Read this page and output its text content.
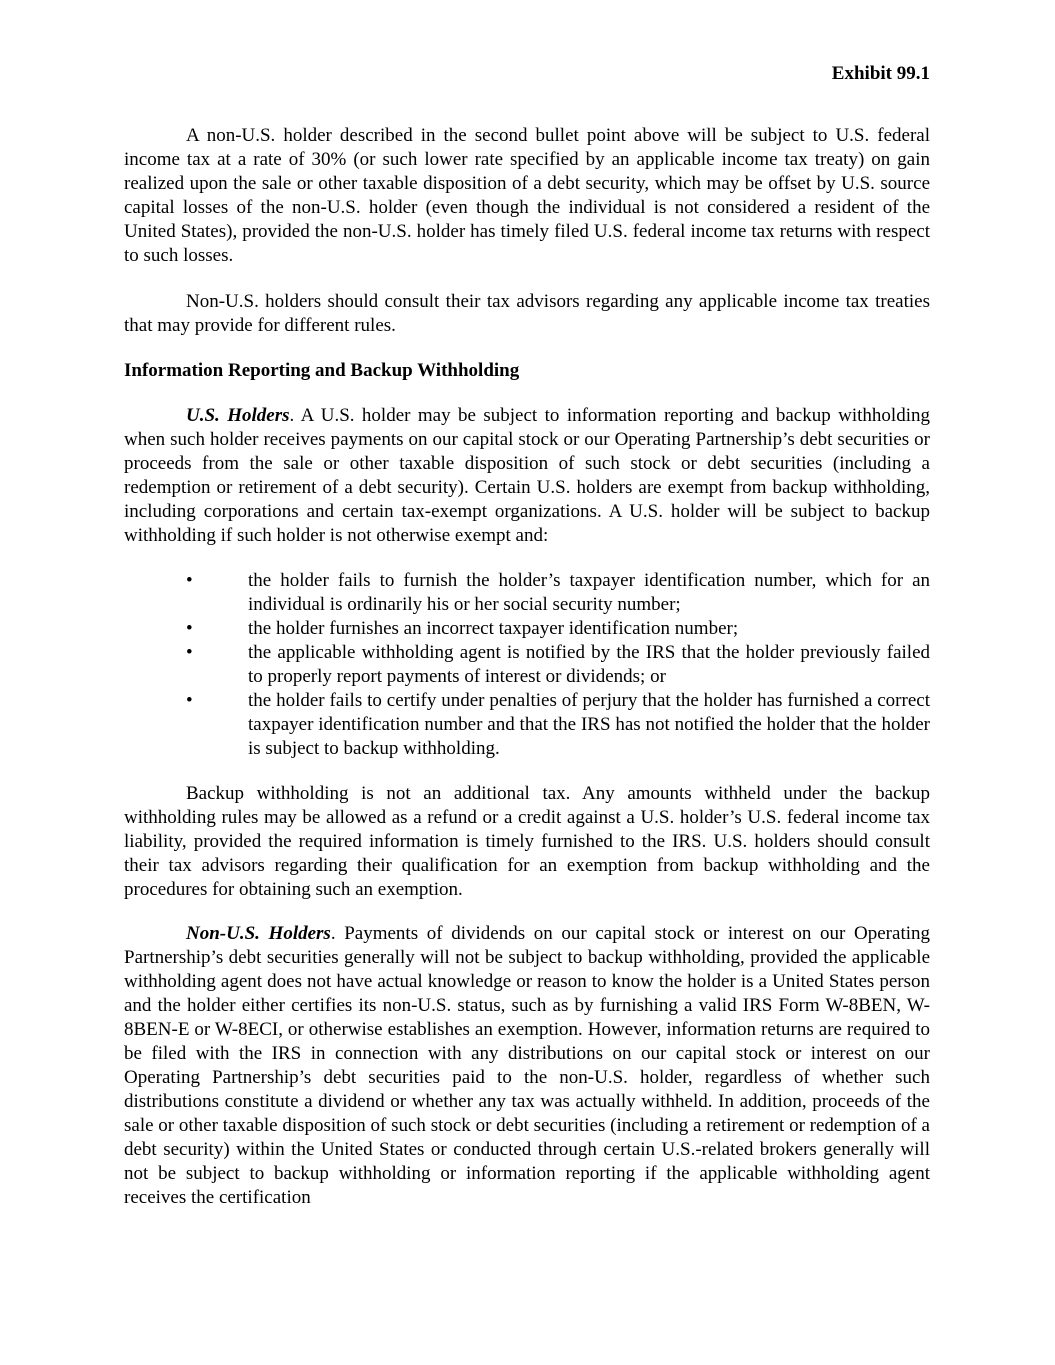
Exhibit 99.1

A non-U.S. holder described in the second bullet point above will be subject to U.S. federal income tax at a rate of 30% (or such lower rate specified by an applicable income tax treaty) on gain realized upon the sale or other taxable disposition of a debt security, which may be offset by U.S. source capital losses of the non-U.S. holder (even though the individual is not considered a resident of the United States), provided the non-U.S. holder has timely filed U.S. federal income tax returns with respect to such losses.

Non-U.S. holders should consult their tax advisors regarding any applicable income tax treaties that may provide for different rules.

Information Reporting and Backup Withholding

U.S. Holders. A U.S. holder may be subject to information reporting and backup withholding when such holder receives payments on our capital stock or our Operating Partnership’s debt securities or proceeds from the sale or other taxable disposition of such stock or debt securities (including a redemption or retirement of a debt security). Certain U.S. holders are exempt from backup withholding, including corporations and certain tax-exempt organizations. A U.S. holder will be subject to backup withholding if such holder is not otherwise exempt and:

•	the holder fails to furnish the holder’s taxpayer identification number, which for an individual is ordinarily his or her social security number;
•	the holder furnishes an incorrect taxpayer identification number;
•	the applicable withholding agent is notified by the IRS that the holder previously failed to properly report payments of interest or dividends; or
•	the holder fails to certify under penalties of perjury that the holder has furnished a correct taxpayer identification number and that the IRS has not notified the holder that the holder is subject to backup withholding.

Backup withholding is not an additional tax. Any amounts withheld under the backup withholding rules may be allowed as a refund or a credit against a U.S. holder’s U.S. federal income tax liability, provided the required information is timely furnished to the IRS. U.S. holders should consult their tax advisors regarding their qualification for an exemption from backup withholding and the procedures for obtaining such an exemption.

Non-U.S. Holders. Payments of dividends on our capital stock or interest on our Operating Partnership’s debt securities generally will not be subject to backup withholding, provided the applicable withholding agent does not have actual knowledge or reason to know the holder is a United States person and the holder either certifies its non-U.S. status, such as by furnishing a valid IRS Form W-8BEN, W-8BEN-E or W-8ECI, or otherwise establishes an exemption. However, information returns are required to be filed with the IRS in connection with any distributions on our capital stock or interest on our Operating Partnership’s debt securities paid to the non-U.S. holder, regardless of whether such distributions constitute a dividend or whether any tax was actually withheld. In addition, proceeds of the sale or other taxable disposition of such stock or debt securities (including a retirement or redemption of a debt security) within the United States or conducted through certain U.S.-related brokers generally will not be subject to backup withholding or information reporting if the applicable withholding agent receives the certification
